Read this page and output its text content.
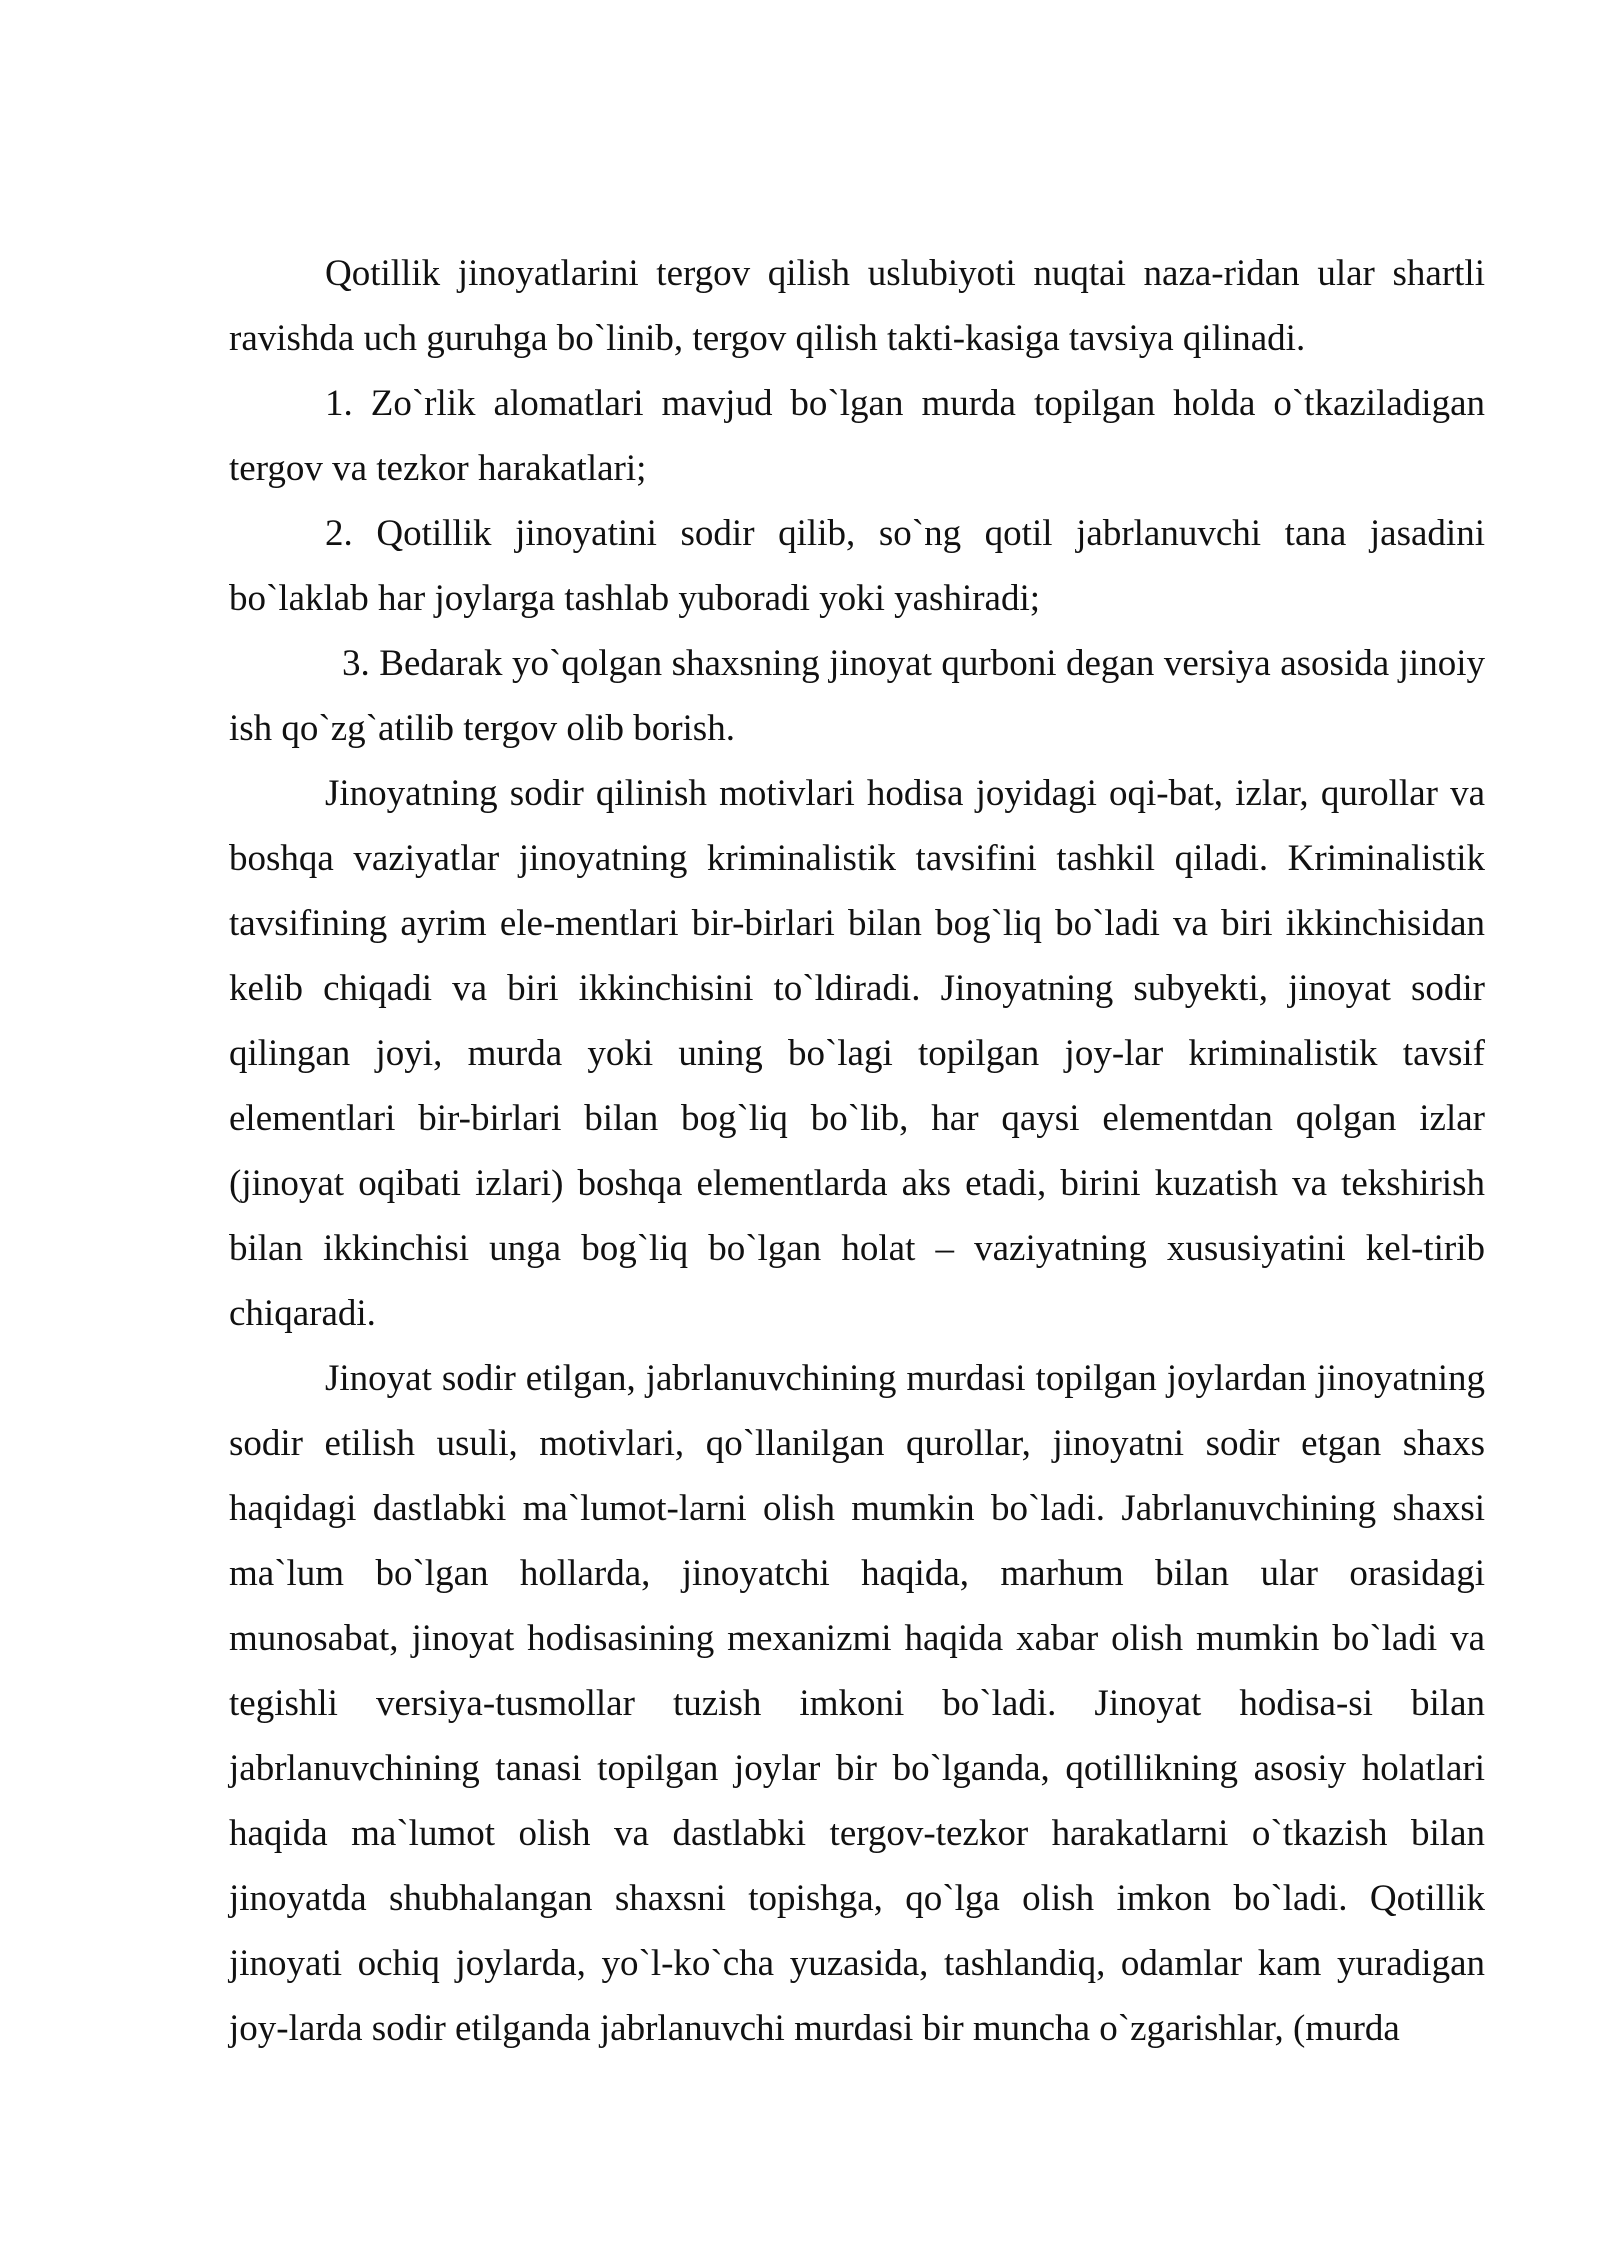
Qotillik jinoyatlarini tergov qilish uslubiyoti nuqtai naza-ridan ular shartli ravishda uch guruhga bo`linib, tergov qilish takti-kasiga tavsiya qilinadi.

1. Zo`rlik alomatlari mavjud bo`lgan murda topilgan holda o`tkaziladigan tergov va tezkor harakatlari;

2. Qotillik jinoyatini sodir qilib, so`ng qotil jabrlanuvchi tana jasadini bo`laklab har joylarga tashlab yuboradi yoki yashiradi;

3. Bedarak yo`qolgan shaxsning jinoyat qurboni degan versiya asosida jinoiy ish qo`zg`atilib tergov olib borish.

Jinoyatning sodir qilinish motivlari hodisa joyidagi oqi-bat, izlar, qurollar va boshqa vaziyatlar jinoyatning kriminalistik tavsifini tashkil qiladi. Kriminalistik tavsifining ayrim ele-mentlari bir-birlari bilan bog`liq bo`ladi va biri ikkinchisidan kelib chiqadi va biri ikkinchisini to`ldiradi. Jinoyatning subyekti, jinoyat sodir qilingan joyi, murda yoki uning bo`lagi topilgan joy-lar kriminalistik tavsif elementlari bir-birlari bilan bog`liq bo`lib, har qaysi elementdan qolgan izlar (jinoyat oqibati izlari) boshqa elementlarda aks etadi, birini kuzatish va tekshirish bilan ikkinchisi unga bog`liq bo`lgan holat – vaziyatning xususiyatini kel-tirib chiqaradi.

Jinoyat sodir etilgan, jabrlanuvchining murdasi topilgan joylardan jinoyatning sodir etilish usuli, motivlari, qo`llanilgan qurollar, jinoyatni sodir etgan shaxs haqidagi dastlabki ma`lumot-larni olish mumkin bo`ladi. Jabrlanuvchining shaxsi ma`lum bo`lgan hollarda, jinoyatchi haqida, marhum bilan ular orasidagi munosabat, jinoyat hodisasining mexanizmi haqida xabar olish mumkin bo`ladi va tegishli versiya-tusmollar tuzish imkoni bo`ladi. Jinoyat hodisa-si bilan jabrlanuvchining tanasi topilgan joylar bir bo`lganda, qotillikning asosiy holatlari haqida ma`lumot olish va dastlabki tergov-tezkor harakatlarni o`tkazish bilan jinoyatda shubhalangan shaxsni topishga, qo`lga olish imkon bo`ladi. Qotillik jinoyati ochiq joylarda, yo`l-ko`cha yuzasida, tashlandiq, odamlar kam yuradigan joy-larda sodir etilganda jabrlanuvchi murdasi bir muncha o`zgarishlar, (murda
